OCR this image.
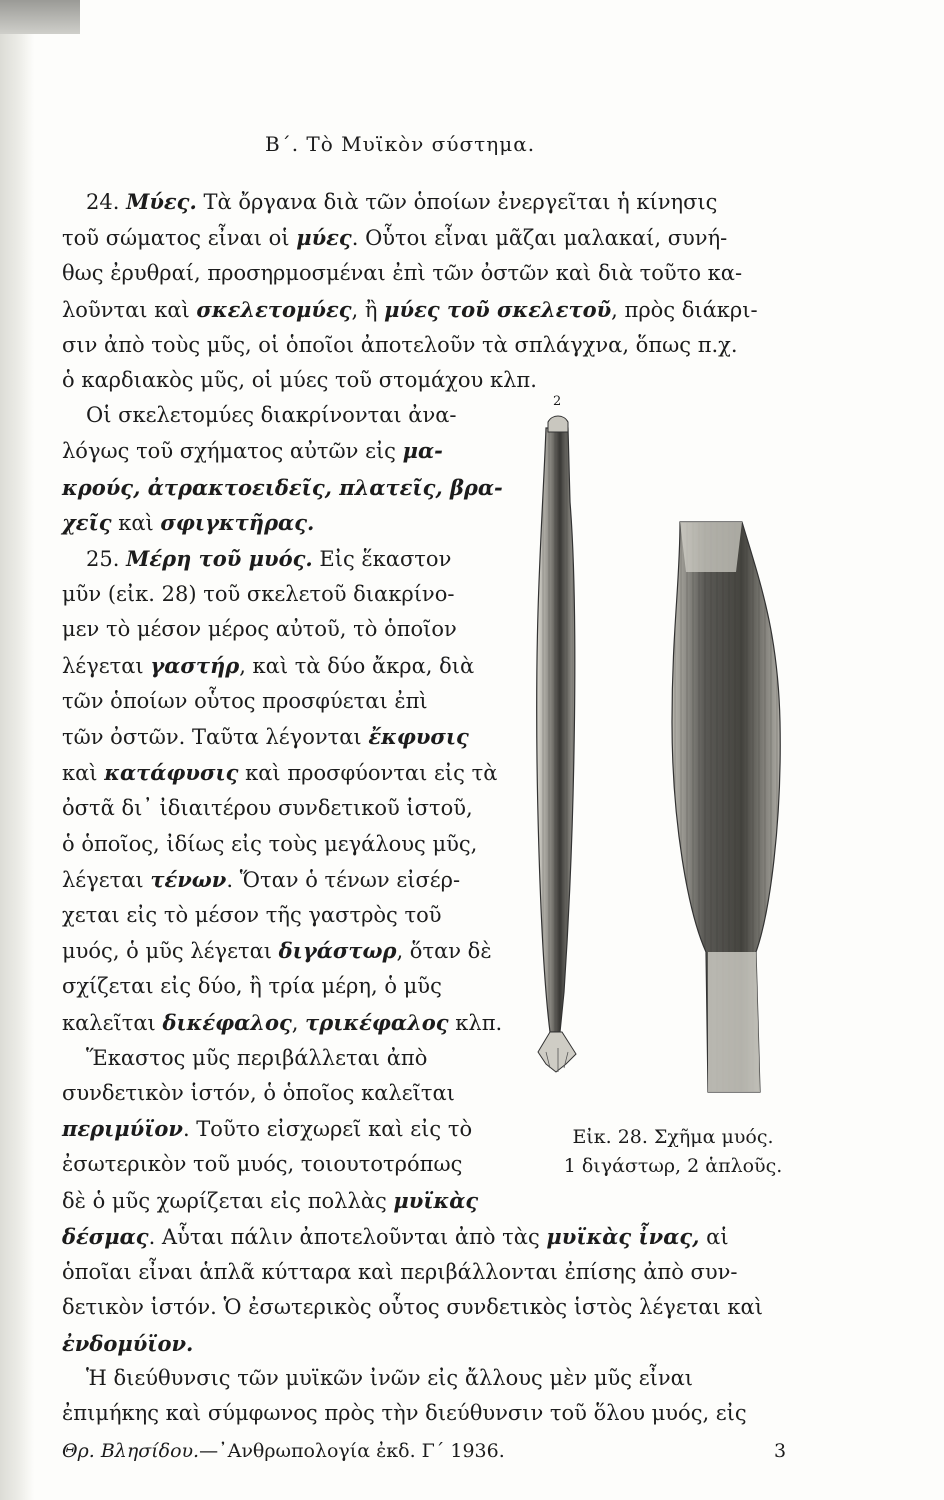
Β΄. Τὸ Μυϊκὸν σύστημα.
24. Μύες. Τὰ ὄργανα διὰ τῶν ὁποίων ἐνεργεῖται ἡ κίνησις
τοῦ σώματος εἶναι οἱ μύες. Οὗτοι εἶναι μᾶζαι μαλακαί, συνή-
θως ἐρυθραί, προσηρμοσμέναι ἐπὶ τῶν ὀστῶν καὶ διὰ τοῦτο κα-
λοῦνται καὶ σκελετομύες, ἢ μύες τοῦ σκελετοῦ, πρὸς διάκρι-
σιν ἀπὸ τοὺς μῦς, οἱ ὁποῖοι ἀποτελοῦν τὰ σπλάγχνα, ὅπως π.χ.
ὁ καρδιακὸς μῦς, οἱ μύες τοῦ στομάχου κλπ.
Οἱ σκελετομύες διακρίνονται ἀνα-
λόγως τοῦ σχήματος αὐτῶν εἰς μα-
κρούς, ἀτρακτοειδεῖς, πλατεῖς, βρα-
χεῖς καὶ σφιγκτῆρας.
25. Μέρη τοῦ μυός. Εἰς ἕκαστον
μῦν (εἰκ. 28) τοῦ σκελετοῦ διακρίνο-
μεν τὸ μέσον μέρος αὐτοῦ, τὸ ὁποῖον
λέγεται γαστήρ, καὶ τὰ δύο ἄκρα, διὰ
τῶν ὁποίων οὗτος προσφύεται ἐπὶ
τῶν ὀστῶν. Ταῦτα λέγονται ἔκφυσις
καὶ κατάφυσις καὶ προσφύονται εἰς τὰ
ὀστᾶ δι᾿ ἰδιαιτέρου συνδετικοῦ ἱστοῦ,
ὁ ὁποῖος, ἰδίως εἰς τοὺς μεγάλους μῦς,
λέγεται τένων. Ὅταν ὁ τένων εἰσέρ-
χεται εἰς τὸ μέσον τῆς γαστρὸς τοῦ
μυός, ὁ μῦς λέγεται διγάστωρ, ὅταν δὲ
σχίζεται εἰς δύο, ἢ τρία μέρη, ὁ μῦς
καλεῖται δικέφαλος, τρικέφαλος κλπ.
Ἕκαστος μῦς περιβάλλεται ἀπὸ
συνδετικὸν ἱστόν, ὁ ὁποῖος καλεῖται
περιμύϊον. Τοῦτο εἰσχωρεῖ καὶ εἰς τὸ
ἐσωτερικὸν τοῦ μυός, τοιουτοτρόπως
δὲ ὁ μῦς χωρίζεται εἰς πολλὰς μυϊκὰς
δέσμας. Αὗται πάλιν ἀποτελοῦνται ἀπὸ τὰς μυϊκὰς ἶνας, αἱ
ὁποῖαι εἶναι ἁπλᾶ κύτταρα καὶ περιβάλλονται ἐπίσης ἀπὸ συν-
δετικὸν ἱστόν. Ὁ ἐσωτερικὸς οὗτος συνδετικὸς ἱστὸς λέγεται καὶ
ἐνδομύϊον.
Ἡ διεύθυνσις τῶν μυϊκῶν ἰνῶν εἰς ἄλλους μὲν μῦς εἶναι
ἐπιμήκης καὶ σύμφωνος πρὸς τὴν διεύθυνσιν τοῦ ὅλου μυός, εἰς
2
Εἰκ. 28. Σχῆμα μυός.
1 διγάστωρ, 2 ἁπλοῦς.
Θρ. Βλησίδου.—᾿Ανθρωπολογία ἐκδ. Γ΄ 1936.	3
